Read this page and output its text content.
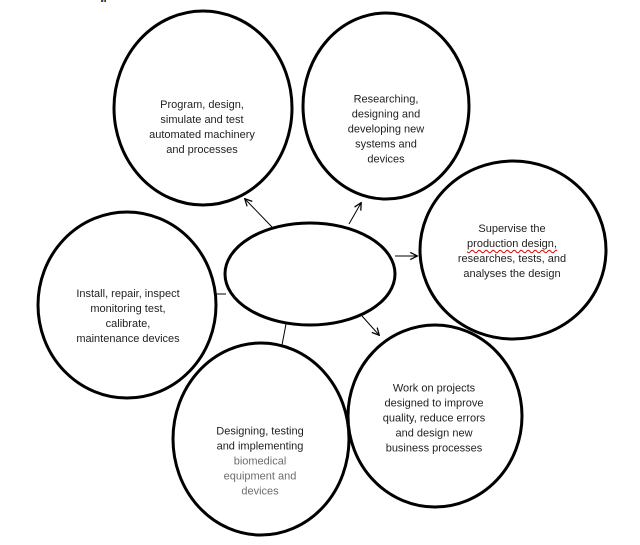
Program, design,
simulate and test
automated machinery
and processes
Researching,
designing and
developing new
systems and
devices
Supervise the
production design,
researches, tests, and
analyses the design
Install, repair, inspect
monitoring test,
calibrate,
maintenance devices
Designing, testing
and implementing
biomedical
equipment and
devices
Work on projects
designed to improve
quality, reduce errors
and design new
business processes
